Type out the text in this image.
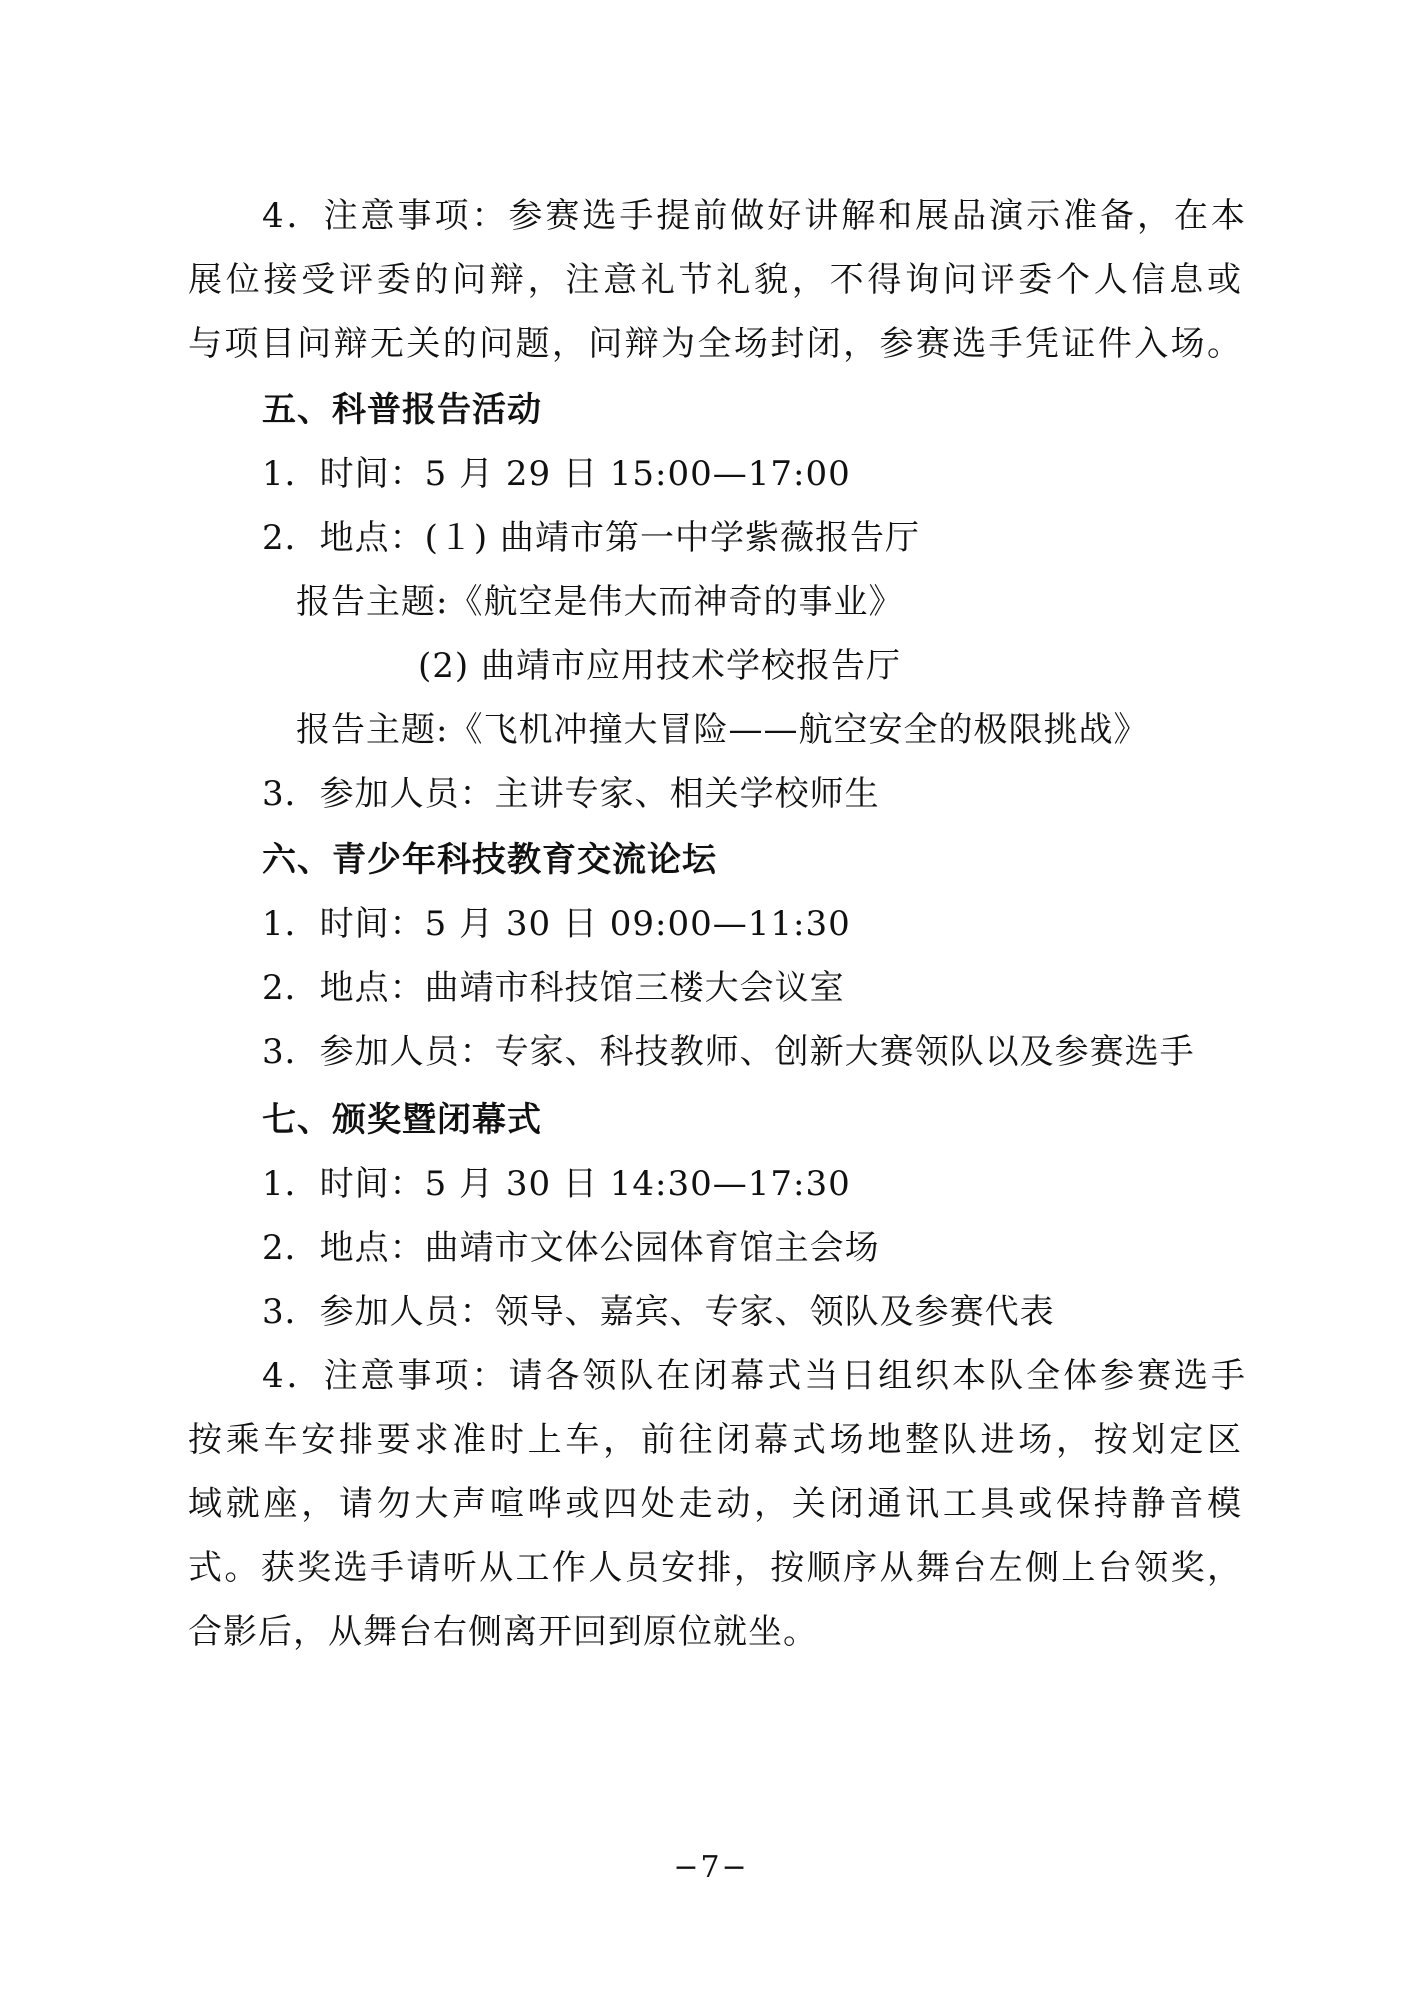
4．注意事项：参赛选手提前做好讲解和展品演示准备，在本
展位接受评委的问辩，注意礼节礼貌，不得询问评委个人信息或
与项目问辩无关的问题，问辩为全场封闭，参赛选手凭证件入场。
五、科普报告活动
1．时间：5 月 29 日 15:00—17:00
2．地点：(１) 曲靖市第一中学紫薇报告厅
报告主题:《航空是伟大而神奇的事业》
(2) 曲靖市应用技术学校报告厅
报告主题:《飞机冲撞大冒险——航空安全的极限挑战》
3．参加人员：主讲专家、相关学校师生
六、青少年科技教育交流论坛
1．时间：5 月 30 日 09:00—11:30
2．地点：曲靖市科技馆三楼大会议室
3．参加人员：专家、科技教师、创新大赛领队以及参赛选手
七、颁奖暨闭幕式
1．时间：5 月 30 日 14:30—17:30
2．地点：曲靖市文体公园体育馆主会场
3．参加人员：领导、嘉宾、专家、领队及参赛代表
4．注意事项：请各领队在闭幕式当日组织本队全体参赛选手
按乘车安排要求准时上车，前往闭幕式场地整队进场，按划定区
域就座，请勿大声喧哗或四处走动，关闭通讯工具或保持静音模
式。获奖选手请听从工作人员安排，按顺序从舞台左侧上台领奖，
合影后，从舞台右侧离开回到原位就坐。
−7−
